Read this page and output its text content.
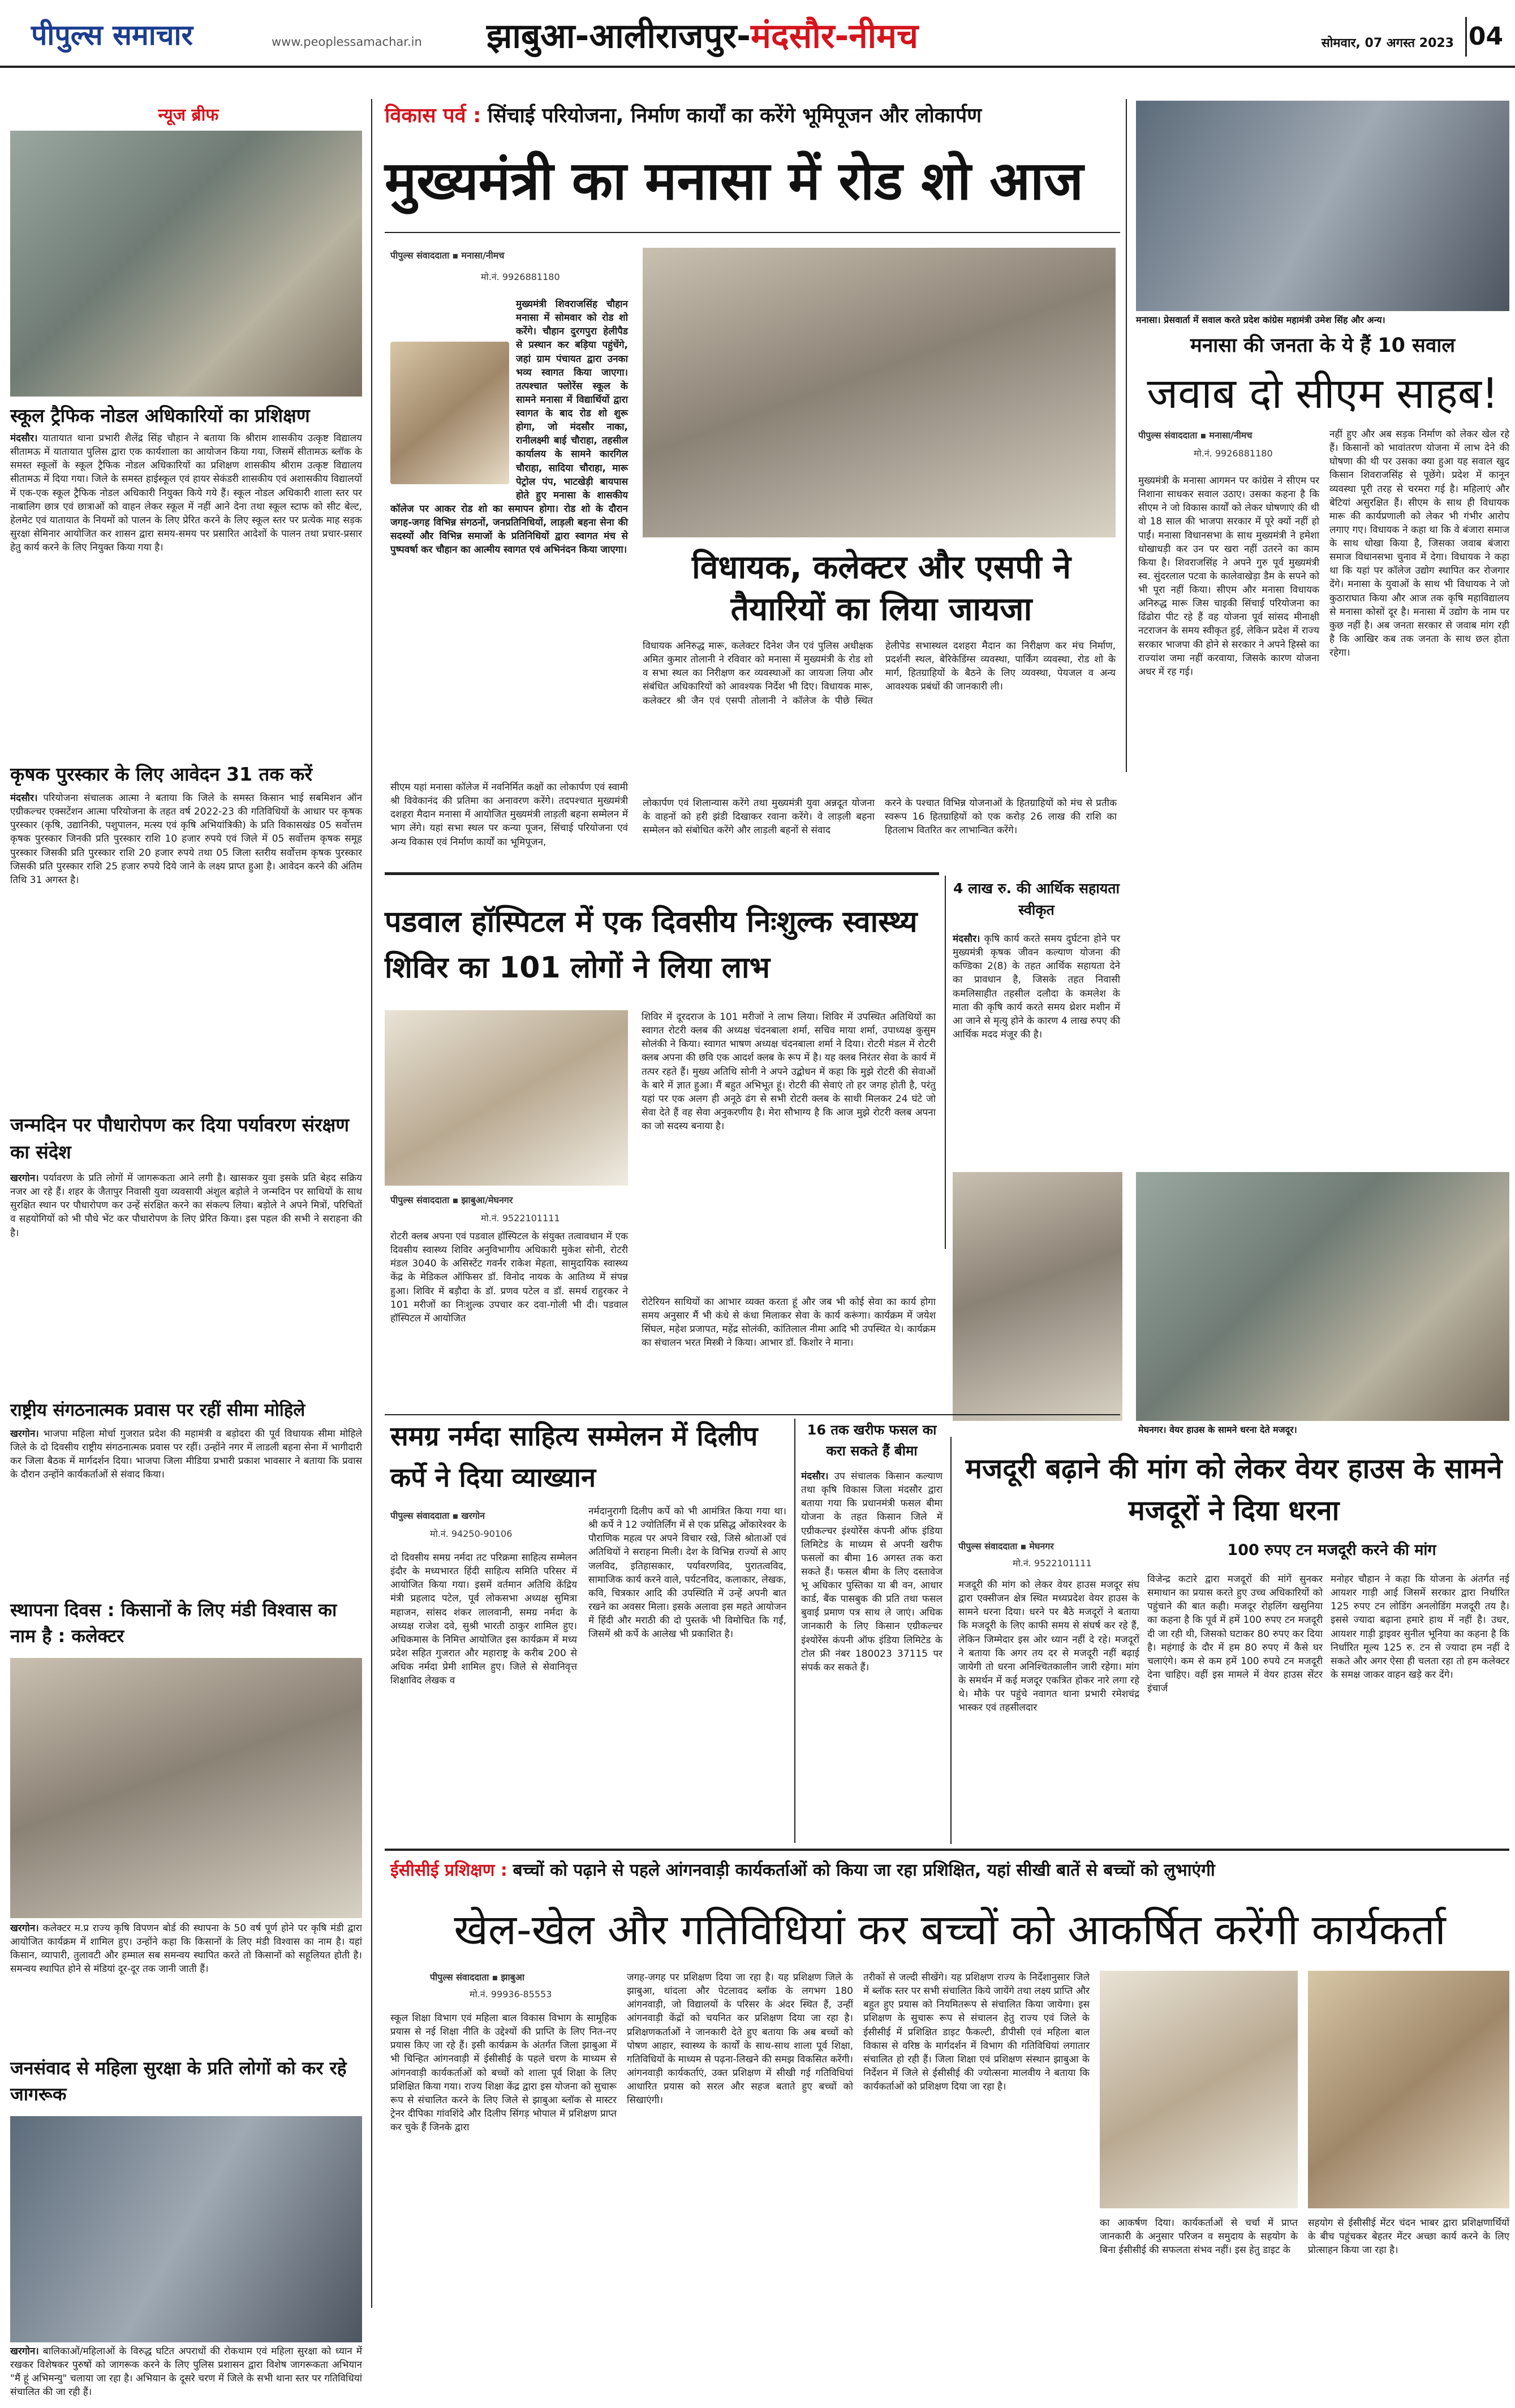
पीपुल्स समाचार	www.peoplessamachar.in	झाबुआ-आलीराजपुर-मंदसौर-नीमच	सोमवार, 07 अगस्त 2023 04
न्यूज ब्रीफ
स्कूल ट्रैफिक नोडल अधिकारियों का प्रशिक्षण
मंदसौर। यातायात थाना प्रभारी शैलेंद्र सिंह चौहान ने बताया कि श्रीराम शासकीय उत्कृष्ट विद्यालय सीतामऊ में यातायात पुलिस द्वारा एक कार्यशाला का आयोजन किया गया, जिसमें सीतामऊ ब्लॉक के समस्त स्कूलों के स्कूल ट्रैफिक नोडल अधिकारियों का प्रशिक्षण शासकीय श्रीराम उत्कृष्ट विद्यालय सीतामऊ में दिया गया। जिले के समस्त हाईस्कूल एवं हायर सेकंडरी शासकीय एवं अशासकीय विद्यालयों में एक-एक स्कूल ट्रैफिक नोडल अधिकारी नियुक्त किये गये हैं। स्कूल नोडल अधिकारी शाला स्तर पर नाबालिग छात्र एवं छात्राओं को वाहन लेकर स्कूल में नहीं आने देना तथा स्कूल स्टाफ को सीट बेल्ट, हेलमेट एवं यातायात के नियमों को पालन के लिए प्रेरित करने के लिए स्कूल स्तर पर प्रत्येक माह सड़क सुरक्षा सेमिनार आयोजित कर शासन द्वारा समय-समय पर प्रसारित आदेशों के पालन तथा प्रचार-प्रसार हेतु कार्य करने के लिए नियुक्त किया गया है।
कृषक पुरस्कार के लिए आवेदन 31 तक करें
मंदसौर। परियोजना संचालक आत्मा ने बताया कि जिले के समस्त किसान भाई सबमिशन ऑन एग्रीकल्चर एक्सटेंशन आत्मा परियोजना के तहत वर्ष 2022-23 की गतिविधियों के आधार पर कृषक पुरस्कार (कृषि, उद्यानिकी, पशुपालन, मत्स्य एवं कृषि अभियांत्रिकी) के प्रति विकासखंड 05 सर्वोत्तम कृषक पुरस्कार जिनकी प्रति पुरस्कार राशि 10 हजार रुपये एवं जिले में 05 सर्वोत्तम कृषक समूह पुरस्कार जिसकी प्रति पुरस्कार राशि 20 हजार रुपये तथा 05 जिला स्तरीय सर्वोत्तम कृषक पुरस्कार जिसकी प्रति पुरस्कार राशि 25 हजार रुपये दिये जाने के लक्ष्य प्राप्त हुआ है। आवेदन करने की अंतिम तिथि 31 अगस्त है।
जन्मदिन पर पौधारोपण कर दिया पर्यावरण संरक्षण का संदेश
खरगोन। पर्यावरण के प्रति लोगों में जागरूकता आने लगी है। खासकर युवा इसके प्रति बेहद सक्रिय नजर आ रहे हैं। शहर के जैतापुर निवासी युवा व्यवसायी अंशुल बड़ोले ने जन्मदिन पर साथियों के साथ सुरक्षित स्थान पर पौधारोपण कर उन्हें संरक्षित करने का संकल्प लिया। बड़ोले ने अपने मित्रों, परिचितों व सहयोगियों को भी पौधे भेंट कर पौधारोपण के लिए प्रेरित किया। इस पहल की सभी ने सराहना की है।
राष्ट्रीय संगठनात्मक प्रवास पर रहीं सीमा मोहिले
खरगोन। भाजपा महिला मोर्चा गुजरात प्रदेश की महामंत्री व बड़ोदरा की पूर्व विधायक सीमा मोहिले जिले के दो दिवसीय राष्ट्रीय संगठनात्मक प्रवास पर रहीं। उन्होंने नगर में लाडली बहना सेना में भागीदारी कर जिला बैठक में मार्गदर्शन दिया। भाजपा जिला मीडिया प्रभारी प्रकाश भावसार ने बताया कि प्रवास के दौरान उन्होंने कार्यकर्ताओं से संवाद किया।
स्थापना दिवस : किसानों के लिए मंडी विश्वास का नाम है : कलेक्टर
खरगोन। कलेक्टर म.प्र राज्य कृषि विपणन बोर्ड की स्थापना के 50 वर्ष पूर्ण होने पर कृषि मंडी द्वारा आयोजित कार्यक्रम में शामिल हुए। उन्होंने कहा कि किसानों के लिए मंडी विश्वास का नाम है। यहां किसान, व्यापारी, तुलावटी और हम्माल सब समन्वय स्थापित करते तो किसानों को सहूलियत होती है। समन्वय स्थापित होने से मंडियां दूर-दूर तक जानी जाती हैं।
जनसंवाद से महिला सुरक्षा के प्रति लोगों को कर रहे जागरूक
खरगोन। बालिकाओं/महिलाओं के विरुद्ध घटित अपराधों की रोकथाम एवं महिला सुरक्षा को ध्यान में रखकर विशेषकर पुरुषों को जागरूक करने के लिए पुलिस प्रशासन द्वारा विशेष जागरूकता अभियान "मैं हूं अभिमन्यु" चलाया जा रहा है। अभियान के दूसरे चरण में जिले के सभी थाना स्तर पर गतिविधियां संचालित की जा रही हैं।
विकास पर्व : सिंचाई परियोजना, निर्माण कार्यों का करेंगे भूमिपूजन और लोकार्पण
मुख्यमंत्री का मनासा में रोड शो आज
पीपुल्स संवाददाता ▪ मनासा/नीमच
मो.नं. 9926881180
मुख्यमंत्री शिवराजसिंह चौहान मनासा में सोमवार को रोड शो करेंगे। चौहान दुरगपुरा हेलीपैड से प्रस्थान कर बड़िया पहुंचेंगे, जहां ग्राम पंचायत द्वारा उनका भव्य स्वागत किया जाएगा। तत्पश्चात फ्लोरेंस स्कूल के सामने मनासा में विद्यार्थियों द्वारा स्वागत के बाद रोड शो शुरू होगा, जो मंदसौर नाका, रानीलक्ष्मी बाई चौराहा, तहसील कार्यालय के सामने कारगिल चौराहा, सादिया चौराहा, मारू पेट्रोल पंप, भाटखेड़ी बायपास होते हुए मनासा के शासकीय कॉलेज पर आकर रोड शो का समापन होगा। रोड शो के दौरान जगह-जगह विभिन्न संगठनों, जनप्रतिनिधियों, लाड़ली बहना सेना की सदस्यों और विभिन्न समाजों के प्रतिनिधियों द्वारा स्वागत मंच से पुष्पवर्षा कर चौहान का आत्मीय स्वागत एवं अभिनंदन किया जाएगा।
सीएम यहां मनासा कॉलेज में नवनिर्मित कक्षों का लोकार्पण एवं स्वामी श्री विवेकानंद की प्रतिमा का अनावरण करेंगे। तदपश्चात मुख्यमंत्री दशहरा मैदान मनासा में आयोजित मुख्यमंत्री लाड़ली बहना सम्मेलन में भाग लेंगे। यहां सभा स्थल पर कन्या पूजन, सिंचाई परियोजना एवं अन्य विकास एवं निर्माण कार्यों का भूमिपूजन,
विधायक, कलेक्टर और एसपी ने तैयारियों का लिया जायजा
विधायक अनिरुद्ध मारू, कलेक्टर दिनेश जैन एवं पुलिस अधीक्षक अमित कुमार तोलानी ने रविवार को मनासा में मुख्यमंत्री के रोड शो व सभा स्थल का निरीक्षण कर व्यवस्थाओं का जायजा लिया और संबंधित अधिकारियों को आवश्यक निर्देश भी दिए। विधायक मारू, कलेक्टर श्री जैन एवं एसपी तोलानी ने कॉलेज के पीछे स्थित हेलीपेड सभास्थल दशहरा मैदान का निरीक्षण कर मंच निर्माण, प्रदर्शनी स्थल, बेरिकेडिंग्स व्यवस्था, पार्किंग व्यवस्था, रोड शो के मार्ग, हितग्राहियों के बैठने के लिए व्यवस्था, पेयजल व अन्य आवश्यक प्रबंधों की जानकारी ली।
लोकार्पण एवं शिलान्यास करेंगे तथा मुख्यमंत्री युवा अन्नदूत योजना के वाहनों को हरी झंडी दिखाकर रवाना करेंगे। वे लाड़ली बहना सम्मेलन को संबोधित करेंगे और लाड़ली बहनों से संवाद
करने के पश्चात विभिन्न योजनाओं के हितग्राहियों को मंच से प्रतीक स्वरूप 16 हितग्राहियों को एक करोड़ 26 लाख की राशि का हितलाभ वितरित कर लाभान्वित करेंगे।
मनासा। प्रेसवार्ता में सवाल करते प्रदेश कांग्रेस महामंत्री उमेश सिंह और अन्य।
मनासा की जनता के ये हैं 10 सवाल
जवाब दो सीएम साहब!
पीपुल्स संवाददाता ▪ मनासा/नीमच
मो.नं. 9926881180
मुख्यमंत्री के मनासा आगमन पर कांग्रेस ने सीएम पर निशाना साधकर सवाल उठाए। उसका कहना है कि सीएम ने जो विकास कार्यों को लेकर घोषणाएं की थी वो 18 साल की भाजपा सरकार में पूरे क्यों नहीं हो पाईं। मनासा विधानसभा के साथ मुख्यमंत्री ने हमेशा धोखाधड़ी कर उन पर खरा नहीं उतरने का काम किया है। शिवराजसिंह ने अपने गुरु पूर्व मुख्यमंत्री स्व. सुंदरलाल पटवा के कालेवाखेड़ा डैम के सपने को भी पूरा नहीं किया। सीएम और मनासा विधायक अनिरुद्ध मारू जिस चाइकी सिंचाई परियोजना का ढिंढोरा पीट रहे हैं वह योजना पूर्व सांसद मीनाक्षी नटराजन के समय स्वीकृत हुई, लेकिन प्रदेश में राज्य सरकार भाजपा की होने से सरकार ने अपने हिस्से का राज्यांश जमा नहीं करवाया, जिसके कारण योजना अधर में रह गई।
नहीं हुए और अब सड़क निर्माण को लेकर खेल रहे हैं। किसानों को भावांतरण योजना में लाभ देने की घोषणा की थी पर उसका क्या हुआ यह सवाल खुद किसान शिवराजसिंह से पूछेंगे। प्रदेश में कानून व्यवस्था पूरी तरह से चरमरा गई है। महिलाएं और बेटियां असुरक्षित हैं। सीएम के साथ ही विधायक मारू की कार्यप्रणाली को लेकर भी गंभीर आरोप लगाए गए। विधायक ने कहा था कि वे बंजारा समाज के साथ धोखा किया है, जिसका जवाब बंजारा समाज विधानसभा चुनाव में देगा। विधायक ने कहा था कि यहां पर कॉलेज उद्योग स्थापित कर रोजगार देंगे। मनासा के युवाओं के साथ भी विधायक ने जो कुठाराघात किया और आज तक कृषि महाविद्यालय से मनासा कोसों दूर है। मनासा में उद्योग के नाम पर कुछ नहीं है। अब जनता सरकार से जवाब मांग रही है कि आखिर कब तक जनता के साथ छल होता रहेगा।
4 लाख रु. की आर्थिक सहायता स्वीकृत
मंदसौर। कृषि कार्य करते समय दुर्घटना होने पर मुख्यमंत्री कृषक जीवन कल्याण योजना की कण्डिका 2(8) के तहत आर्थिक सहायता देने का प्रावधान है, जिसके तहत निवासी कमलिसाहीत तहसील दलौदा के कमलेश के माता की कृषि कार्य करते समय थ्रेशर मशीन में आ जाने से मृत्यु होने के कारण 4 लाख रुपए की आर्थिक मदद मंजूर की है।
पडवाल हॉस्पिटल में एक दिवसीय निःशुल्क स्वास्थ्य शिविर का 101 लोगों ने लिया लाभ
पीपुल्स संवाददाता ▪ झाबुआ/मेघनगर
मो.नं. 9522101111
रोटरी क्लब अपना एवं पडवाल हॉस्पिटल के संयुक्त तत्वावधान में एक दिवसीय स्वास्थ्य शिविर अनुविभागीय अधिकारी मुकेश सोनी, रोटरी मंडल 3040 के असिस्टेंट गवर्नर राकेश मेहता, सामुदायिक स्वास्थ्य केंद्र के मेडिकल ऑफिसर डॉ. विनोद नायक के आतिथ्य में संपन्न हुआ। शिविर में बड़ौदा के डॉ. प्रणव पटेल व डॉ. समर्थ राहुरकर ने 101 मरीजों का निःशुल्क उपचार कर दवा-गोली भी दी। पडवाल हॉस्पिटल में आयोजित
शिविर में दूरदराज के 101 मरीजों ने लाभ लिया। शिविर में उपस्थित अतिथियों का स्वागत रोटरी क्लब की अध्यक्ष चंदनबाला शर्मा, सचिव माया शर्मा, उपाध्यक्ष कुसुम सोलंकी ने किया। स्वागत भाषण अध्यक्ष चंदनबाला शर्मा ने दिया। रोटरी मंडल में रोटरी क्लब अपना की छवि एक आदर्श क्लब के रूप में है। यह क्लब निरंतर सेवा के कार्य में तत्पर रहते हैं। मुख्य अतिथि सोनी ने अपने उद्बोधन में कहा कि मुझे रोटरी की सेवाओं के बारे में ज्ञात हुआ। मैं बहुत अभिभूत हूं। रोटरी की सेवाएं तो हर जगह होती है, परंतु यहां पर एक अलग ही अनूठे ढंग से सभी रोटरी क्लब के साथी मिलकर 24 घंटे जो सेवा देते हैं वह सेवा अनुकरणीय है। मेरा सौभाग्य है कि आज मुझे रोटरी क्लब अपना का जो सदस्य बनाया है।
रोटेरियन साथियों का आभार व्यक्त करता हूं और जब भी कोई सेवा का कार्य होगा समय अनुसार मैं भी कंधे से कंधा मिलाकर सेवा के कार्य करूंगा। कार्यक्रम में जयेश सिंघल, महेश प्रजापत, महेंद्र सोलंकी, कांतिलाल नीमा आदि भी उपस्थित थे। कार्यक्रम का संचालन भरत मिस्त्री ने किया। आभार डॉ. किशोर ने माना।
मेघनगर। वेयर हाउस के सामने धरना देते मजदूर।
समग्र नर्मदा साहित्य सम्मेलन में दिलीप कर्पे ने दिया व्याख्यान
पीपुल्स संवाददाता ▪ खरगोन
मो.नं. 94250-90106
दो दिवसीय समग्र नर्मदा तट परिक्रमा साहित्य सम्मेलन इंदौर के मध्यभारत हिंदी साहित्य समिति परिसर में आयोजित किया गया। इसमें वर्तमान अतिथि केंद्रिय मंत्री प्रहलाद पटेल, पूर्व लोकसभा अध्यक्ष सुमित्रा महाजन, सांसद शंकर लालवानी, समग्र नर्मदा के अध्यक्ष राजेश दवे, सुश्री भारती ठाकुर शामिल हुए। अधिकमास के निमित्त आयोजित इस कार्यक्रम में मध्य प्रदेश सहित गुजरात और महाराष्ट्र के करीब 200 से अधिक नर्मदा प्रेमी शामिल हुए। जिले से सेवानिवृत्त शिक्षाविद लेखक व
नर्मदानुरागी दिलीप कर्पे को भी आमंत्रित किया गया था। श्री कर्पे ने 12 ज्योतिर्लिंग में से एक प्रसिद्ध ओंकारेश्वर के पौराणिक महत्व पर अपने विचार रखे, जिसे श्रोताओं एवं अतिथियों ने सराहना मिली। देश के विभिन्न राज्यों से आए जलविद, इतिहासकार, पर्यावरणविद, पुरातत्वविद, सामाजिक कार्य करने वाले, पर्यटनविद, कलाकार, लेखक, कवि, चित्रकार आदि की उपस्थिति में उन्हें अपनी बात रखने का अवसर मिला। इसके अलावा इस महते आयोजन में हिंदी और मराठी की दो पुस्तकें भी विमोचित कि गईं, जिसमें श्री कर्पे के आलेख भी प्रकाशित है।
16 तक खरीफ फसल का करा सकते हैं बीमा
मंदसौर। उप संचालक किसान कल्याण तथा कृषि विकास जिला मंदसौर द्वारा बताया गया कि प्रधानमंत्री फसल बीमा योजना के तहत किसान जिले में एग्रीकल्चर इंश्योरेंस कंपनी ऑफ इंडिया लिमिटेड के माध्यम से अपनी खरीफ फसलों का बीमा 16 अगस्त तक करा सकते हैं। फसल बीमा के लिए दस्तावेज भू अधिकार पुस्तिका या बी वन, आधार कार्ड, बैंक पासबुक की प्रति तथा फसल बुवाई प्रमाण पत्र साथ ले जाएं। अधिक जानकारी के लिए किसान एग्रीकल्चर इंश्योरेंस कंपनी ऑफ इंडिया लिमिटेड के टोल फ्री नंबर 180023 37115 पर संपर्क कर सकते हैं।
मजदूरी बढ़ाने की मांग को लेकर वेयर हाउस के सामने मजदूरों ने दिया धरना
पीपुल्स संवाददाता ▪ मेघनगर
मो.नं. 9522101111
100 रुपए टन मजदूरी करने की मांग
मजदूरी की मांग को लेकर वेयर हाउस मजदूर संघ द्वारा एक्सीजन क्षेत्र स्थित मध्यप्रदेश वेयर हाउस के सामने धरना दिया। धरने पर बैठे मजदूरों ने बताया कि मजदूरी के लिए काफी समय से संघर्ष कर रहे हैं, लेकिन जिम्मेदार इस ओर ध्यान नहीं दे रहे। मजदूरों ने बताया कि अगर तय दर से मजदूरी नहीं बढ़ाई जायेगी तो धरना अनिश्चितकालीन जारी रहेगा। मांग के समर्थन में कई मजदूर एकत्रित होकर नारे लगा रहे थे। मौके पर पहुंचे नवागत थाना प्रभारी रमेशचंद्र भास्कर एवं तहसीलदार
विजेन्द्र कटारे द्वारा मजदूरों की मांगें सुनकर समाधान का प्रयास करते हुए उच्च अधिकारियों को पहुंचाने की बात कही। मजदूर रोहलिंग खसुनिया का कहना है कि पूर्व में हमें 100 रुपए टन मजदूरी दी जा रही थी, जिसको घटाकर 80 रुपए कर दिया है। महंगाई के दौर में हम 80 रुपए में कैसे घर चलाएंगे। कम से कम हमें 100 रुपये टन मजदूरी देना चाहिए। वहीं इस मामले में वेयर हाउस सेंटर इंचार्ज
मनोहर चौहान ने कहा कि योजना के अंतर्गत नई आयशर गाड़ी आई जिसमें सरकार द्वारा निर्धारित 125 रुपए टन लोडिंग अनलोडिंग मजदूरी तय है। इससे ज्यादा बढ़ाना हमारे हाथ में नहीं है। उधर, आयशर गाड़ी ड्राइवर सुनील भूनिया का कहना है कि निर्धारित मूल्य 125 रु. टन से ज्यादा हम नहीं दे सकते और अगर ऐसा ही चलता रहा तो हम कलेक्टर के समक्ष जाकर वाहन खड़े कर देंगे।
ईसीसीई प्रशिक्षण : बच्चों को पढ़ाने से पहले आंगनवाड़ी कार्यकर्ताओं को किया जा रहा प्रशिक्षित, यहां सीखी बातें से बच्चों को लुभाएंगी
खेल-खेल और गतिविधियां कर बच्चों को आकर्षित करेंगी कार्यकर्ता
पीपुल्स संवाददाता ▪ झाबुआ
मो.नं. 99936-85553
स्कूल शिक्षा विभाग एवं महिला बाल विकास विभाग के सामूहिक प्रयास से नई शिक्षा नीति के उद्देश्यों की प्राप्ति के लिए नित-नए प्रयास किए जा रहे हैं। इसी कार्यक्रम के अंतर्गत जिला झाबुआ में भी चिन्हित आंगनवाड़ी में ईसीसीई के पहले चरण के माध्यम से आंगनवाड़ी कार्यकर्ताओं को बच्चों को शाला पूर्व शिक्षा के लिए प्रशिक्षित किया गया। राज्य शिक्षा केंद्र द्वारा इस योजना को सुचारू रूप से संचालित करने के लिए जिले से झाबुआ ब्लॉक से मास्टर ट्रेनर दीपिका गांवशिंदे और दिलीप सिंगड़ भोपाल में प्रशिक्षण प्राप्त कर चुके हैं जिनके द्वारा
जगह-जगह पर प्रशिक्षण दिया जा रहा है। यह प्रशिक्षण जिले के झाबुआ, थांदला और पेटलावद ब्लॉक के लगभग 180 आंगनवाड़ी, जो विद्यालयों के परिसर के अंदर स्थित हैं, उन्हीं आंगनवाड़ी केंद्रों को चयनित कर प्रशिक्षण दिया जा रहा है। प्रशिक्षणकर्ताओं ने जानकारी देते हुए बताया कि अब बच्चों को पोषण आहार, स्वास्थ्य के कार्यों के साथ-साथ शाला पूर्व शिक्षा, गतिविधियों के माध्यम से पढ़ना-लिखने की समझ विकसित करेंगी। आंगनवाड़ी कार्यकर्ताएं, उक्त प्रशिक्षण में सीखी गई गतिविधियां आधारित प्रयास को सरल और सहज बताते हुए बच्चों को सिखाएंगी।
तरीकों से जल्दी सीखेंगे। यह प्रशिक्षण राज्य के निर्देशानुसार जिले में ब्लॉक स्तर पर सभी संचालित किये जायेंगे तथा लक्ष्य प्राप्ति और बहुत हुए प्रयास को नियमितरूप से संचालित किया जायेगा। इस प्रशिक्षण के सुचारू रूप से संचालन हेतु राज्य एवं जिले के ईसीसीई में प्रशिक्षित डाइट फैकल्टी, डीपीसी एवं महिला बाल विकास से वरिष्ठ के मार्गदर्शन में विभाग की गतिविधियां लगातार संचालित हो रही हैं। जिला शिक्षा एवं प्रशिक्षण संस्थान झाबुआ के निर्देशन में जिले से ईसीसीई की ज्योत्सना मालवीय ने बताया कि कार्यकर्ताओं को प्रशिक्षण दिया जा रहा है।
का आकर्षण दिया। कार्यकर्ताओं से चर्चा में प्राप्त जानकारी के अनुसार परिजन व समुदाय के सहयोग के बिना ईसीसीई की सफलता संभव नहीं। इस हेतु डाइट के
सहयोग से ईसीसीई मेंटर चंदन भाबर द्वारा प्रशिक्षणार्थियों के बीच पहुंचकर बेहतर मेंटर अच्छा कार्य करने के लिए प्रोत्साहन किया जा रहा है।
